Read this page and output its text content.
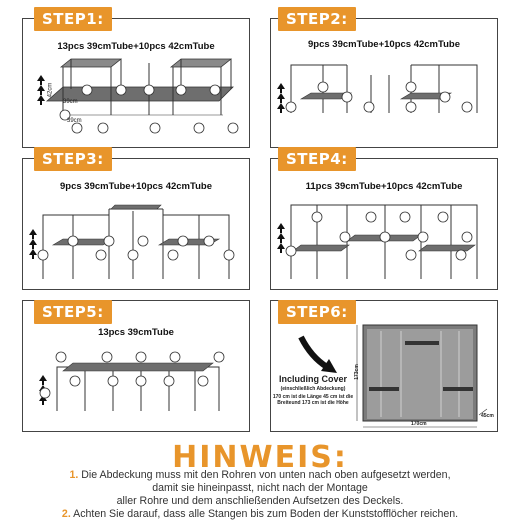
13pcs 39cmTube+10pcs 42cmTube
42cm
39cm
39cm
STEP1:
9pcs 39cmTube+10pcs 42cmTube
STEP2:
9pcs 39cmTube+10pcs 42cmTube
STEP3:
11pcs 39cmTube+10pcs 42cmTube
STEP4:
13pcs 39cmTube
STEP5:
170cm
173cm
45cm
STEP6:
Including Cover
(einschließlich Abdeckung)
170 cm ist die Länge 45 cm ist die Breiteund 173 cm ist die Höhe
HINWEIS:
1. Die Abdeckung muss mit den Rohren von unten nach oben aufgesetzt werden,
damit sie hineinpasst, nicht nach der Montage
aller Rohre und dem anschließenden Aufsetzen des Deckels.
2. Achten Sie darauf, dass alle Stangen bis zum Boden der Kunststofflöcher reichen.
